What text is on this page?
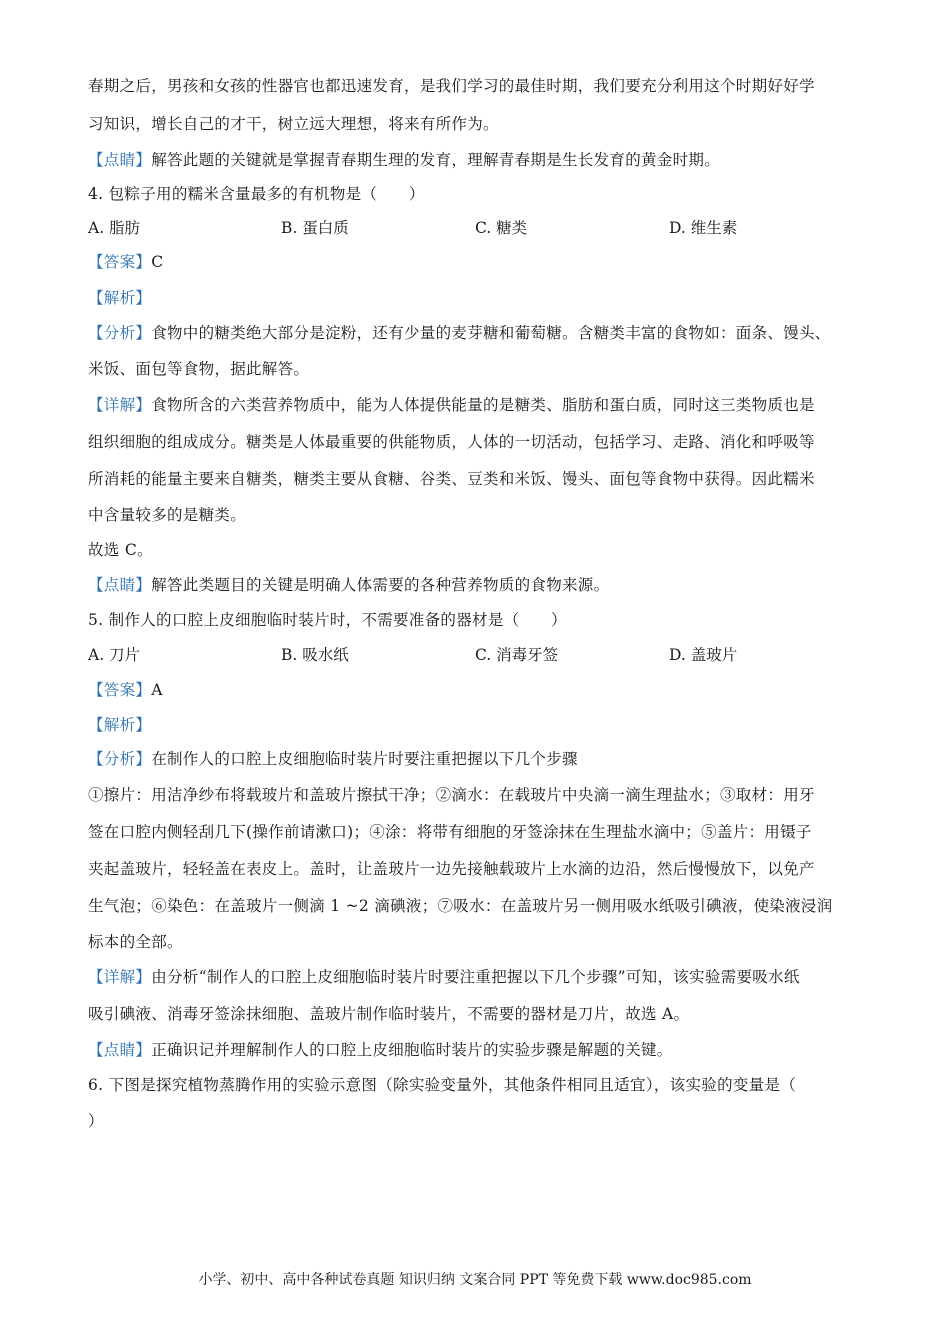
春期之后，男孩和女孩的性器官也都迅速发育，是我们学习的最佳时期，我们要充分利用这个时期好好学
习知识，增长自己的才干，树立远大理想，将来有所作为。
【点睛】解答此题的关键就是掌握青春期生理的发育，理解青春期是生长发育的黄金时期。
4. 包粽子用的糯米含量最多的有机物是（　　）
A. 脂肪	B. 蛋白质	C. 糖类	D. 维生素
【答案】C
【解析】
【分析】食物中的糖类绝大部分是淀粉，还有少量的麦芽糖和葡萄糖。含糖类丰富的食物如：面条、馒头、
米饭、面包等食物，据此解答。
【详解】食物所含的六类营养物质中，能为人体提供能量的是糖类、脂肪和蛋白质，同时这三类物质也是
组织细胞的组成成分。糖类是人体最重要的供能物质，人体的一切活动，包括学习、走路、消化和呼吸等
所消耗的能量主要来自糖类，糖类主要从食糖、谷类、豆类和米饭、馒头、面包等食物中获得。因此糯米
中含量较多的是糖类。
故选 C。
【点睛】解答此类题目的关键是明确人体需要的各种营养物质的食物来源。
5. 制作人的口腔上皮细胞临时装片时，不需要准备的器材是（　　）
A. 刀片	B. 吸水纸	C. 消毒牙签	D. 盖玻片
【答案】A
【解析】
【分析】在制作人的口腔上皮细胞临时装片时要注重把握以下几个步骤
①擦片：用洁净纱布将载玻片和盖玻片擦拭干净；②滴水：在载玻片中央滴一滴生理盐水；③取材：用牙
签在口腔内侧轻刮几下(操作前请漱口)；④涂：将带有细胞的牙签涂抹在生理盐水滴中；⑤盖片：用镊子
夹起盖玻片，轻轻盖在表皮上。盖时，让盖玻片一边先接触载玻片上水滴的边沿，然后慢慢放下，以免产
生气泡；⑥染色：在盖玻片一侧滴 1 ~2 滴碘液；⑦吸水：在盖玻片另一侧用吸水纸吸引碘液，使染液浸润
标本的全部。
【详解】由分析“制作人的口腔上皮细胞临时装片时要注重把握以下几个步骤”可知，该实验需要吸水纸
吸引碘液、消毒牙签涂抹细胞、盖玻片制作临时装片，不需要的器材是刀片，故选 A。
【点睛】正确识记并理解制作人的口腔上皮细胞临时装片的实验步骤是解题的关键。
6. 下图是探究植物蒸腾作用的实验示意图（除实验变量外，其他条件相同且适宜），该实验的变量是（
）
小学、初中、高中各种试卷真题 知识归纳 文案合同 PPT 等免费下载 www.doc985.com
